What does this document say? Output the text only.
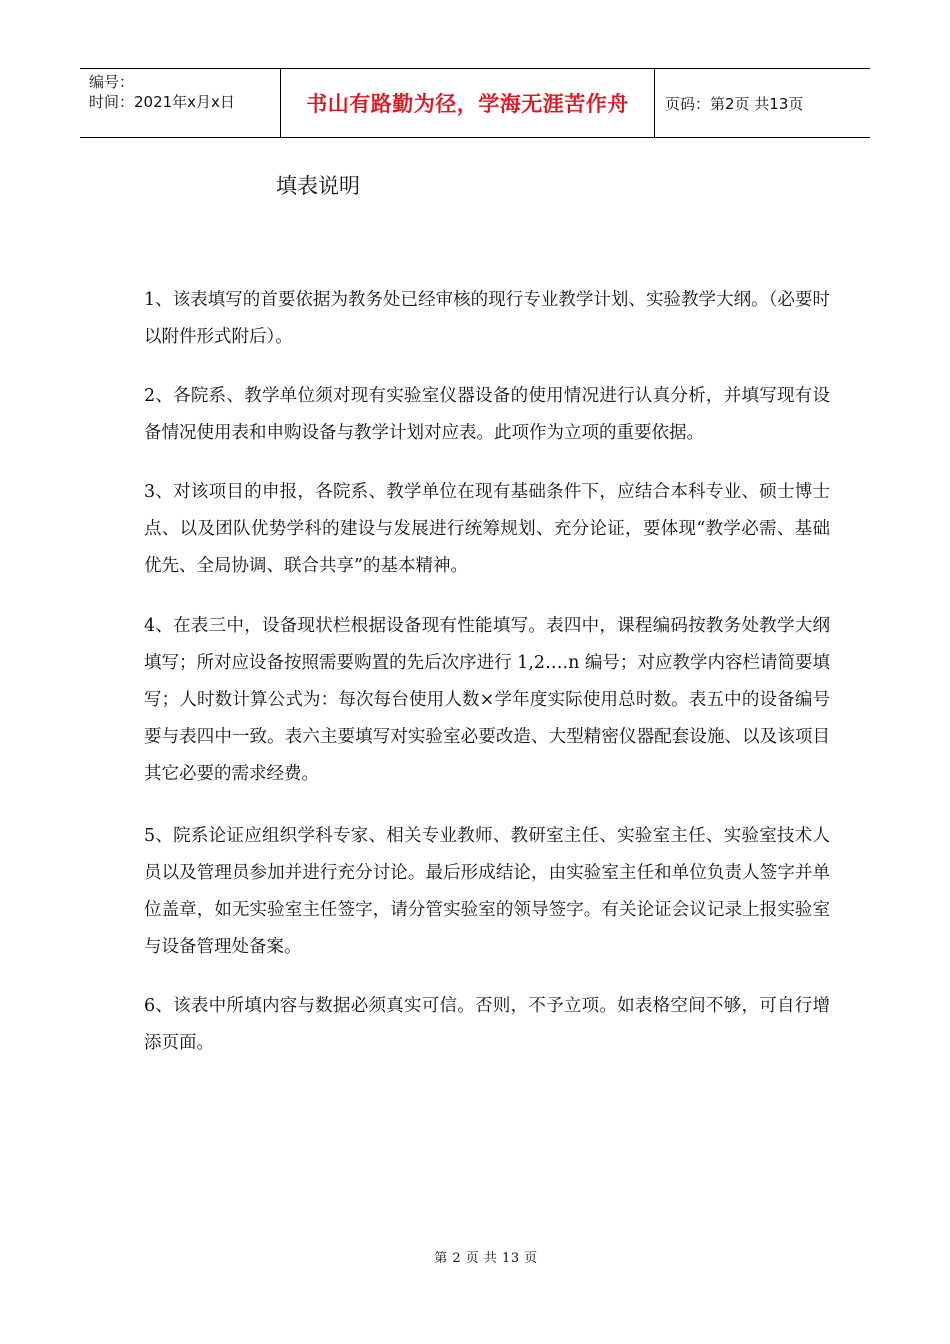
编号：
时间：2021年x月x日	书山有路勤为径，学海无涯苦作舟	页码：第2页 共13页
填表说明
1、该表填写的首要依据为教务处已经审核的现行专业教学计划、实验教学大纲。（必要时以附件形式附后）。
2、各院系、教学单位须对现有实验室仪器设备的使用情况进行认真分析，并填写现有设备情况使用表和申购设备与教学计划对应表。此项作为立项的重要依据。
3、对该项目的申报，各院系、教学单位在现有基础条件下，应结合本科专业、硕士博士点、以及团队优势学科的建设与发展进行统筹规划、充分论证，要体现“教学必需、基础优先、全局协调、联合共享”的基本精神。
4、在表三中，设备现状栏根据设备现有性能填写。表四中，课程编码按教务处教学大纲填写；所对应设备按照需要购置的先后次序进行 1,2….n 编号；对应教学内容栏请简要填写；人时数计算公式为：每次每台使用人数×学年度实际使用总时数。表五中的设备编号要与表四中一致。表六主要填写对实验室必要改造、大型精密仪器配套设施、以及该项目其它必要的需求经费。
5、院系论证应组织学科专家、相关专业教师、教研室主任、实验室主任、实验室技术人员以及管理员参加并进行充分讨论。最后形成结论，由实验室主任和单位负责人签字并单位盖章，如无实验室主任签字，请分管实验室的领导签字。有关论证会议记录上报实验室与设备管理处备案。
6、该表中所填内容与数据必须真实可信。否则，不予立项。如表格空间不够，可自行增添页面。
第 2 页 共 13 页
